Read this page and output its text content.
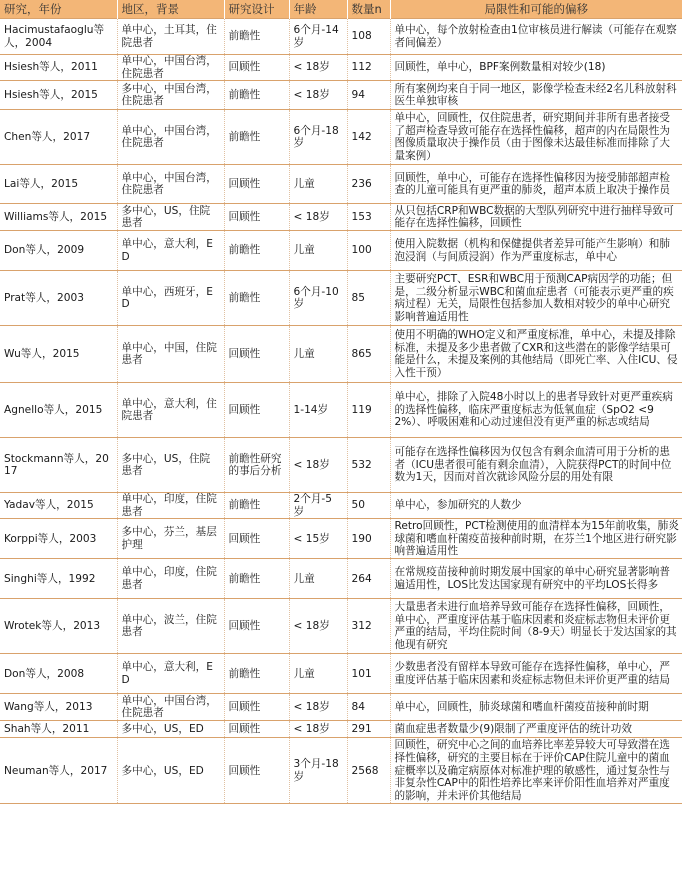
研究，年份	地区，背景	研究设计	年龄	数量n	局限性和可能的偏移
Hacimustafaoglu等人，2004	单中心，土耳其，住院患者	前瞻性	6个月-14岁	108	单中心，每个放射检查由1位审核员进行解读（可能存在观察者间偏差）
Hsiesh等人，2011	单中心，中国台湾，住院患者	回顾性	< 18岁	112	回顾性，单中心，BPF案例数量相对较少(18)
Hsiesh等人，2015	多中心，中国台湾，住院患者	前瞻性	< 18岁	94	所有案例均来自于同一地区，影像学检查未经2名儿科放射科医生单独审核
Chen等人，2017	单中心，中国台湾，住院患者	前瞻性	6个月-18岁	142	单中心，回顾性，仅住院患者，研究期间并非所有患者接受了超声检查导致可能存在选择性偏移，超声的内在局限性为图像质量取决于操作员（由于图像未达最佳标准而排除了大量案例）
Lai等人，2015	单中心，中国台湾，住院患者	回顾性	儿童	236	回顾性，单中心，可能存在选择性偏移因为接受肺部超声检查的儿童可能具有更严重的肺炎，超声本质上取决于操作员
Williams等人，2015	多中心，US，住院患者	回顾性	< 18岁	153	从只包括CRP和WBC数据的大型队列研究中进行抽样导致可能存在选择性偏移，回顾性
Don等人，2009	单中心，意大利，ED	前瞻性	儿童	100	使用入院数据（机构和保健提供者差异可能产生影响）和肺泡浸润（与间质浸润）作为严重度标志，单中心
Prat等人，2003	单中心，西班牙，ED	前瞻性	6个月-10岁	85	主要研究PCT、ESR和WBC用于预测CAP病因学的功能；但是，二级分析显示WBC和菌血症患者（可能表示更严重的疾病过程）无关，局限性包括参加人数相对较少的单中心研究影响普遍适用性
Wu等人，2015	单中心，中国，住院患者	回顾性	儿童	865	使用不明确的WHO定义和严重度标准，单中心，未提及排除标准，未提及多少患者做了CXR和这些潜在的影像学结果可能是什么，未提及案例的其他结局（即死亡率、入住ICU、侵入性干预）
Agnello等人，2015	单中心，意大利，住院患者	回顾性	1-14岁	119	单中心，排除了入院48小时以上的患者导致针对更严重疾病的选择性偏移，临床严重度标志为低氧血症（SpO2 <92%）、呼吸困难和心动过速但没有更严重的标志或结局
Stockmann等人，2017	多中心，US，住院患者	前瞻性研究的事后分析	< 18岁	532	可能存在选择性偏移因为仅包含有剩余血清可用于分析的患者（ICU患者很可能有剩余血清），入院获得PCT的时间中位数为1天，因而对首次就诊风险分层的用处有限
Yadav等人，2015	单中心，印度，住院患者	前瞻性	2个月-5岁	50	单中心，参加研究的人数少
Korppi等人，2003	多中心，芬兰，基层护理	回顾性	< 15岁	190	Retro回顾性，PCT检测使用的血清样本为15年前收集，肺炎球菌和嗜血杆菌疫苗接种前时期，在芬兰1个地区进行研究影响普遍适用性
Singhi等人，1992	单中心，印度，住院患者	前瞻性	儿童	264	在常规疫苗接种前时期发展中国家的单中心研究显著影响普遍适用性，LOS比发达国家现有研究中的平均LOS长得多
Wrotek等人，2013	单中心，波兰，住院患者	回顾性	< 18岁	312	大量患者未进行血培养导致可能存在选择性偏移，回顾性，单中心，严重度评估基于临床因素和炎症标志物但未评价更严重的结局，平均住院时间（8-9天）明显长于发达国家的其他现有研究
Don等人，2008	单中心，意大利，ED	前瞻性	儿童	101	少数患者没有留样本导致可能存在选择性偏移，单中心，严重度评估基于临床因素和炎症标志物但未评价更严重的结局
Wang等人，2013	单中心，中国台湾，住院患者	回顾性	< 18岁	84	单中心，回顾性，肺炎球菌和嗜血杆菌疫苗接种前时期
Shah等人，2011	多中心，US，ED	回顾性	< 18岁	291	菌血症患者数量少(9)限制了严重度评估的统计功效
Neuman等人，2017	多中心，US，ED	回顾性	3个月-18岁	2568	回顾性，研究中心之间的血培养比率差异较大可导致潜在选择性偏移，研究的主要目标在于评价CAP住院儿童中的菌血症概率以及确定病原体对标准护理的敏感性，通过复杂性与非复杂性CAP中的阳性培养比率来评价阳性血培养对严重度的影响，并未评价其他结局
